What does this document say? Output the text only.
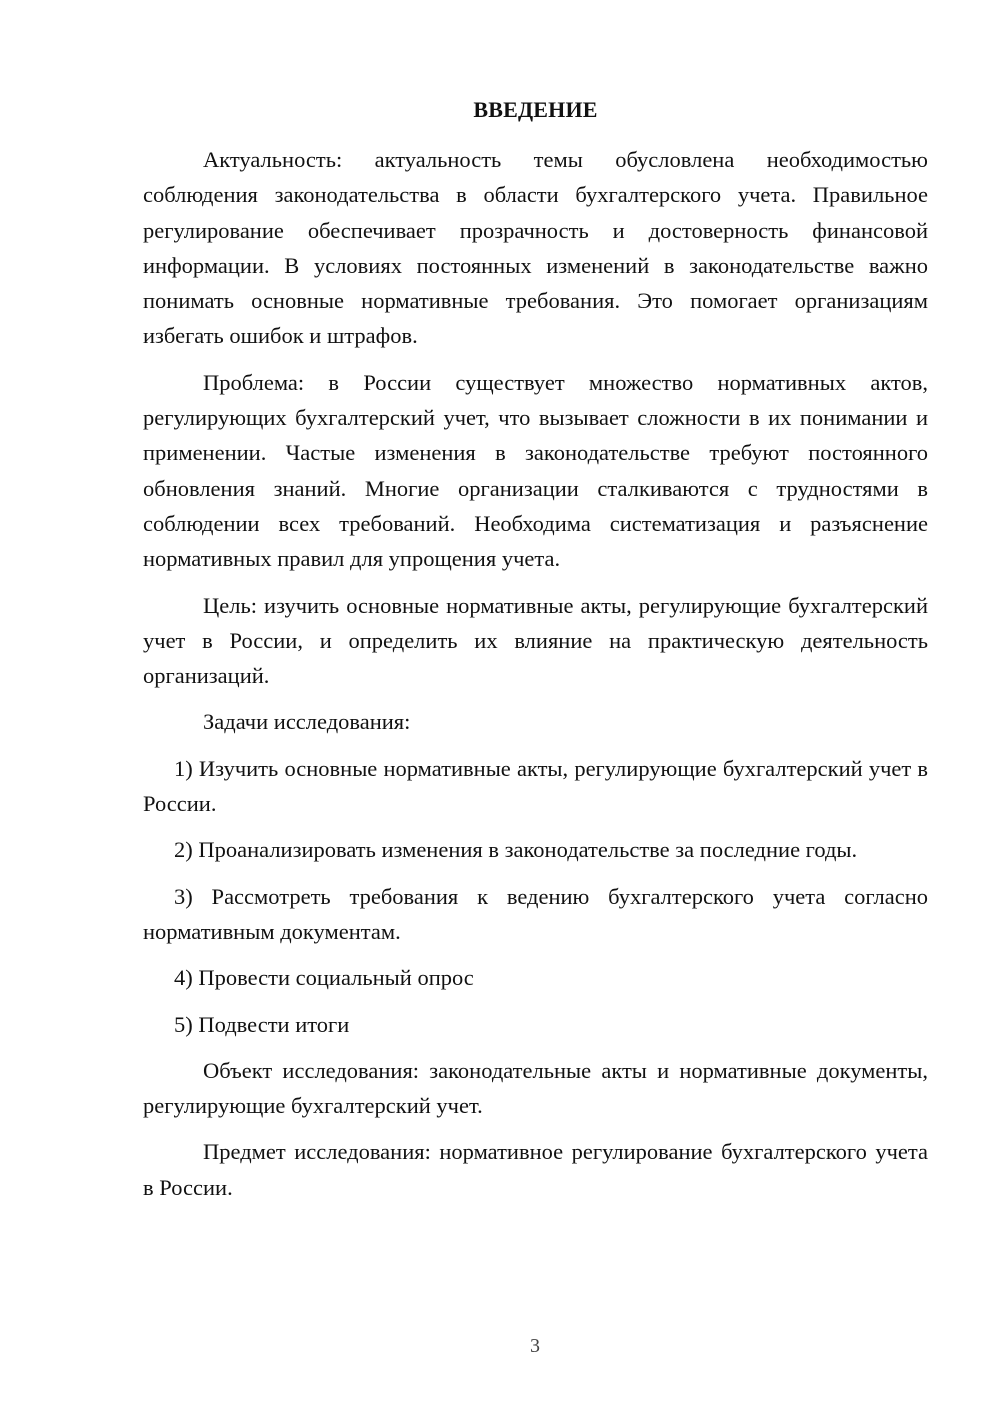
ВВЕДЕНИЕ

Актуальность: актуальность темы обусловлена необходимостью соблюдения законодательства в области бухгалтерского учета. Правильное регулирование обеспечивает прозрачность и достоверность финансовой информации. В условиях постоянных изменений в законодательстве важно понимать основные нормативные требования. Это помогает организациям избегать ошибок и штрафов.

Проблема: в России существует множество нормативных актов, регулирующих бухгалтерский учет, что вызывает сложности в их понимании и применении. Частые изменения в законодательстве требуют постоянного обновления знаний. Многие организации сталкиваются с трудностями в соблюдении всех требований. Необходима систематизация и разъяснение нормативных правил для упрощения учета.

Цель: изучить основные нормативные акты, регулирующие бухгалтерский учет в России, и определить их влияние на практическую деятельность организаций.

Задачи исследования:

1) Изучить основные нормативные акты, регулирующие бухгалтерский учет в России.

2) Проанализировать изменения в законодательстве за последние годы.

3) Рассмотреть требования к ведению бухгалтерского учета согласно нормативным документам.

4) Провести социальный опрос

5) Подвести итоги

Объект исследования: законодательные акты и нормативные документы, регулирующие бухгалтерский учет.

Предмет исследования: нормативное регулирование бухгалтерского учета в России.

3
